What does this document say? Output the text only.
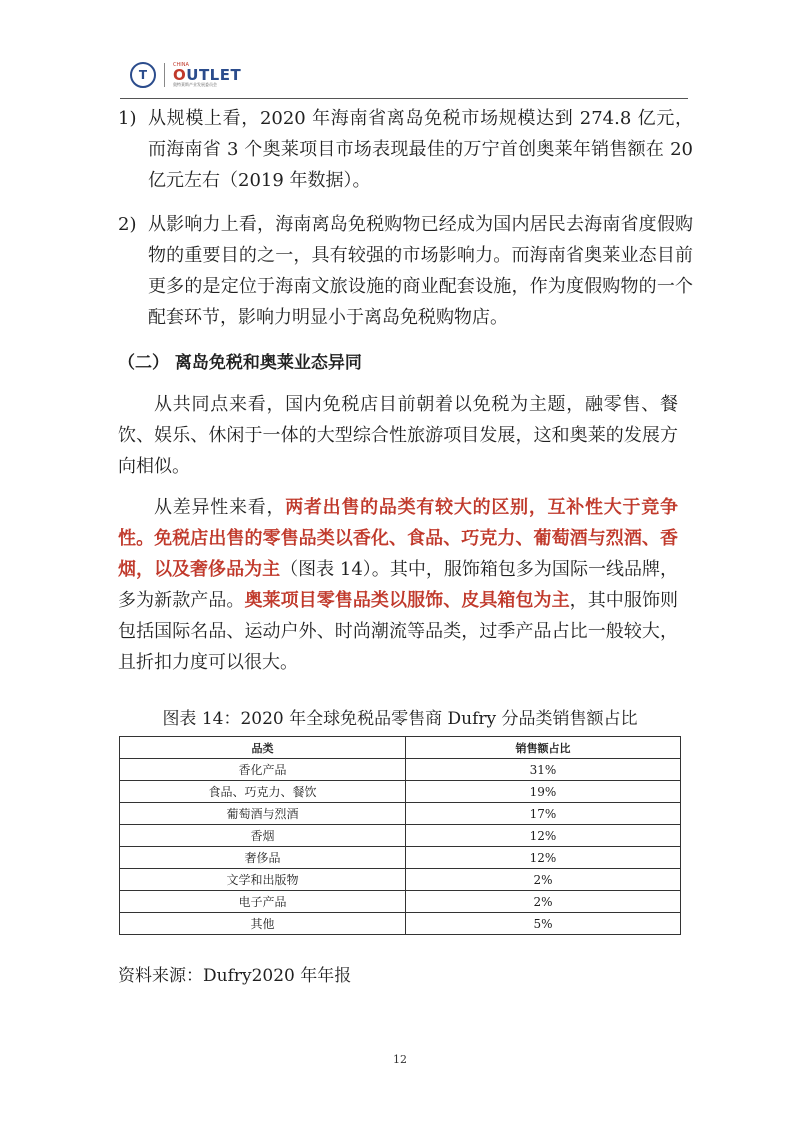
T
CHINA
OUTLET
奥特莱斯产业发展委员会
1) 从规模上看，2020 年海南省离岛免税市场规模达到 274.8 亿元，而海南省 3 个奥莱项目市场表现最佳的万宁首创奥莱年销售额在 20 亿元左右（2019 年数据）。
2) 从影响力上看，海南离岛免税购物已经成为国内居民去海南省度假购物的重要目的之一，具有较强的市场影响力。而海南省奥莱业态目前更多的是定位于海南文旅设施的商业配套设施，作为度假购物的一个配套环节，影响力明显小于离岛免税购物店。
（二） 离岛免税和奥莱业态异同
从共同点来看，国内免税店目前朝着以免税为主题，融零售、餐饮、娱乐、休闲于一体的大型综合性旅游项目发展，这和奥莱的发展方向相似。
从差异性来看，两者出售的品类有较大的区别，互补性大于竞争性。免税店出售的零售品类以香化、食品、巧克力、葡萄酒与烈酒、香烟，以及奢侈品为主（图表 14）。其中，服饰箱包多为国际一线品牌，多为新款产品。奥莱项目零售品类以服饰、皮具箱包为主，其中服饰则包括国际名品、运动户外、时尚潮流等品类，过季产品占比一般较大，且折扣力度可以很大。
图表 14：2020 年全球免税品零售商 Dufry 分品类销售额占比
品类	销售额占比
香化产品	31%
食品、巧克力、餐饮	19%
葡萄酒与烈酒	17%
香烟	12%
奢侈品	12%
文学和出版物	2%
电子产品	2%
其他	5%
资料来源：Dufry2020 年年报
12
